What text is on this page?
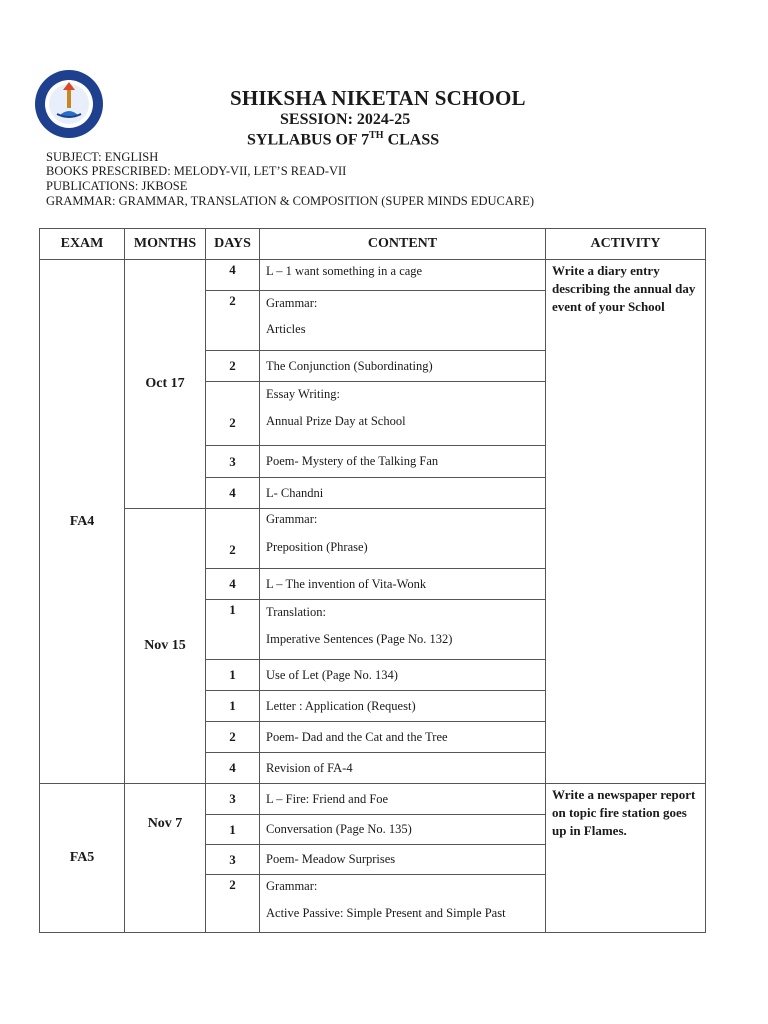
SHIKSHA NIKETAN SCHOOL
SESSION: 2024-25
SYLLABUS OF 7TH CLASS
SUBJECT: ENGLISH
BOOKS PRESCRIBED: MELODY-VII, LET’S READ-VII
PUBLICATIONS: JKBOSE
GRAMMAR: GRAMMAR, TRANSLATION & COMPOSITION (SUPER MINDS EDUCARE)
EXAM	MONTHS	DAYS	CONTENT	ACTIVITY
FA4	Oct 17	4	L – 1 want something in a cage	Write a diary entry describing the annual day event of your School
		2	Grammar:
Articles	

		2	The Conjunction (Subordinating)	
		2	Essay Writing:
Annual Prize Day at School	

		3	Poem- Mystery of the Talking Fan	
		4	L- Chandni	
	Nov 15	2	Grammar:
Preposition (Phrase)	

		4	L – The invention of Vita-Wonk	
		1	Translation:
Imperative Sentences (Page No. 132)	

		1	Use of Let (Page No. 134)	
		1	Letter : Application (Request)	
		2	Poem- Dad and the Cat and the Tree	
		4	Revision of FA-4	
FA5	Nov 7	3	L – Fire: Friend and Foe	Write a newspaper report on topic fire station goes up in Flames.
		1	Conversation (Page No. 135)	
		3	Poem- Meadow Surprises	
		2	Grammar:
Active Passive: Simple Present and Simple Past	
